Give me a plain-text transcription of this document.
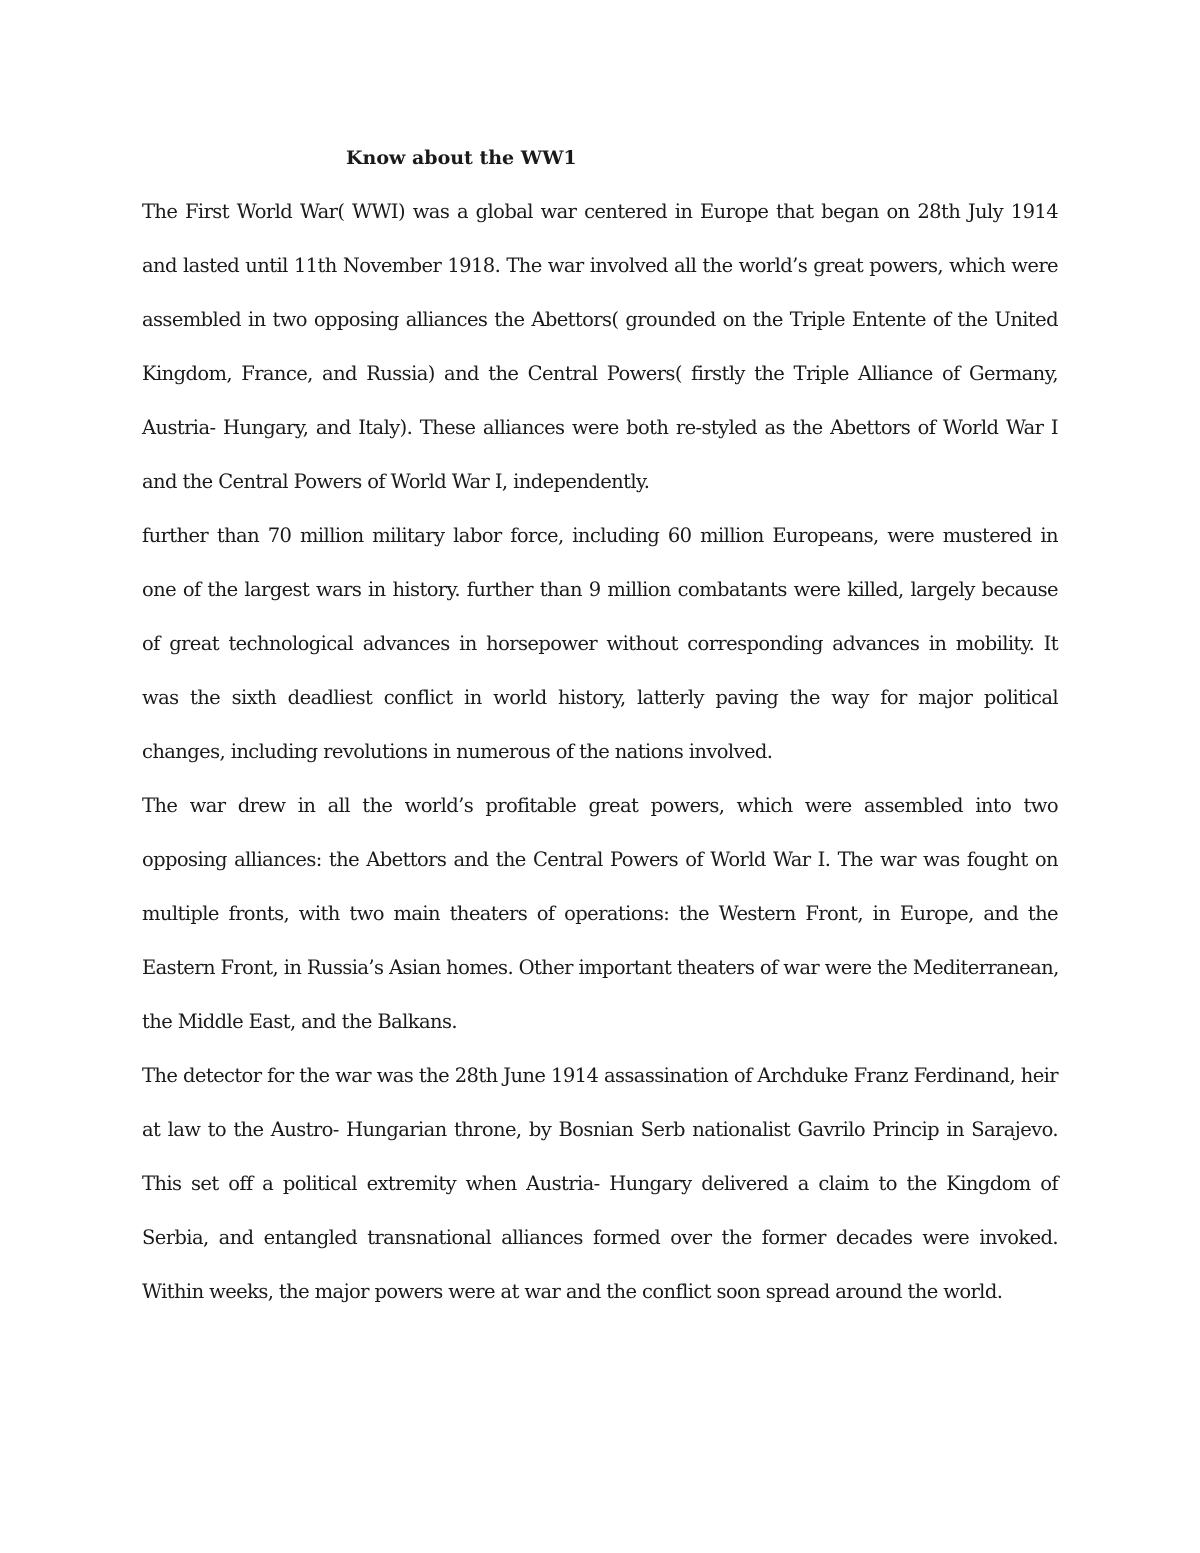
Know about the WW1
The First World War( WWI) was a global war centered in Europe that began on 28th July 1914
and lasted until 11th November 1918. The war involved all the world’s great powers, which were
assembled in two opposing alliances the Abettors( grounded on the Triple Entente of the United
Kingdom, France, and Russia) and the Central Powers( firstly the Triple Alliance of Germany,
Austria- Hungary, and Italy). These alliances were both re-styled as the Abettors of World War I
and the Central Powers of World War I, independently.
further than 70 million military labor force, including 60 million Europeans, were mustered in
one of the largest wars in history. further than 9 million combatants were killed, largely because
of great technological advances in horsepower without corresponding advances in mobility. It
was the sixth deadliest conflict in world history, latterly paving the way for major political
changes, including revolutions in numerous of the nations involved.
The war drew in all the world’s profitable great powers, which were assembled into two
opposing alliances: the Abettors and the Central Powers of World War I. The war was fought on
multiple fronts, with two main theaters of operations: the Western Front, in Europe, and the
Eastern Front, in Russia’s Asian homes. Other important theaters of war were the Mediterranean,
the Middle East, and the Balkans.
The detector for the war was the 28th June 1914 assassination of Archduke Franz Ferdinand, heir
at law to the Austro- Hungarian throne, by Bosnian Serb nationalist Gavrilo Princip in Sarajevo.
This set off a political extremity when Austria- Hungary delivered a claim to the Kingdom of
Serbia, and entangled transnational alliances formed over the former decades were invoked.
Within weeks, the major powers were at war and the conflict soon spread around the world.
